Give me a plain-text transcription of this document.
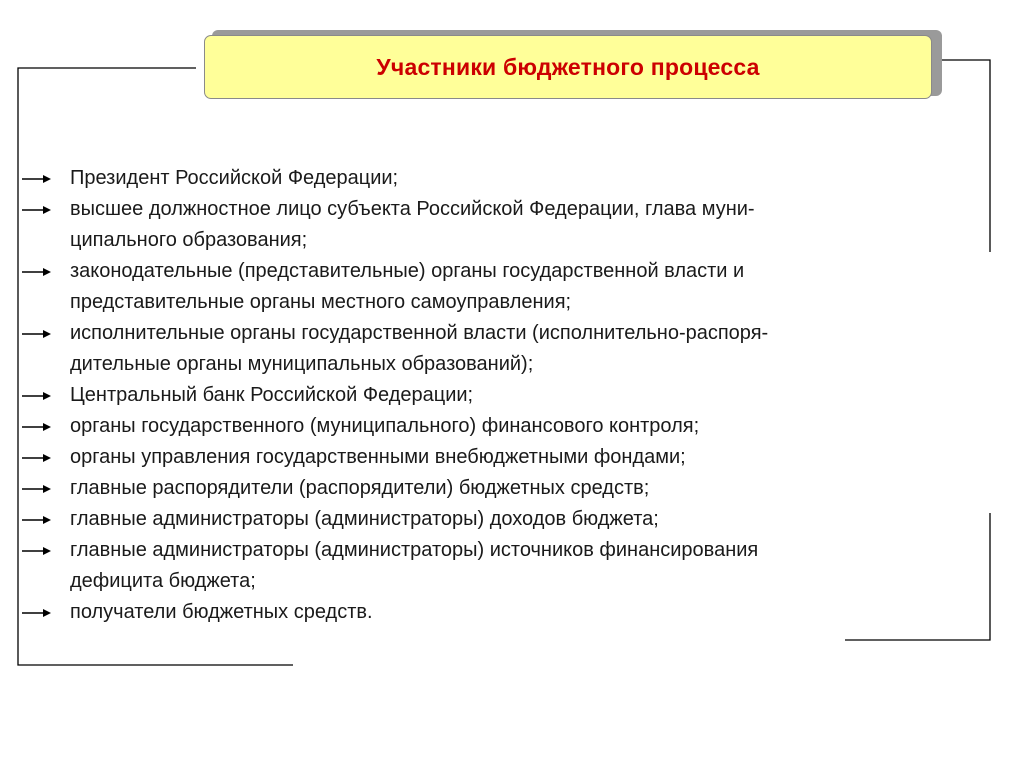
Участники бюджетного процесса
Президент Российской Федерации;
высшее должностное лицо субъекта Российской Федерации, глава муни-
ципального образования;
законодательные (представительные) органы государственной власти и
представительные органы местного самоуправления;
исполнительные органы государственной власти (исполнительно-распоря-
дительные органы муниципальных образований);
Центральный банк Российской Федерации;
органы государственного (муниципального) финансового контроля;
органы управления государственными внебюджетными фондами;
главные распорядители (распорядители) бюджетных средств;
главные администраторы (администраторы) доходов бюджета;
главные администраторы (администраторы) источников финансирования
дефицита бюджета;
получатели бюджетных средств.
